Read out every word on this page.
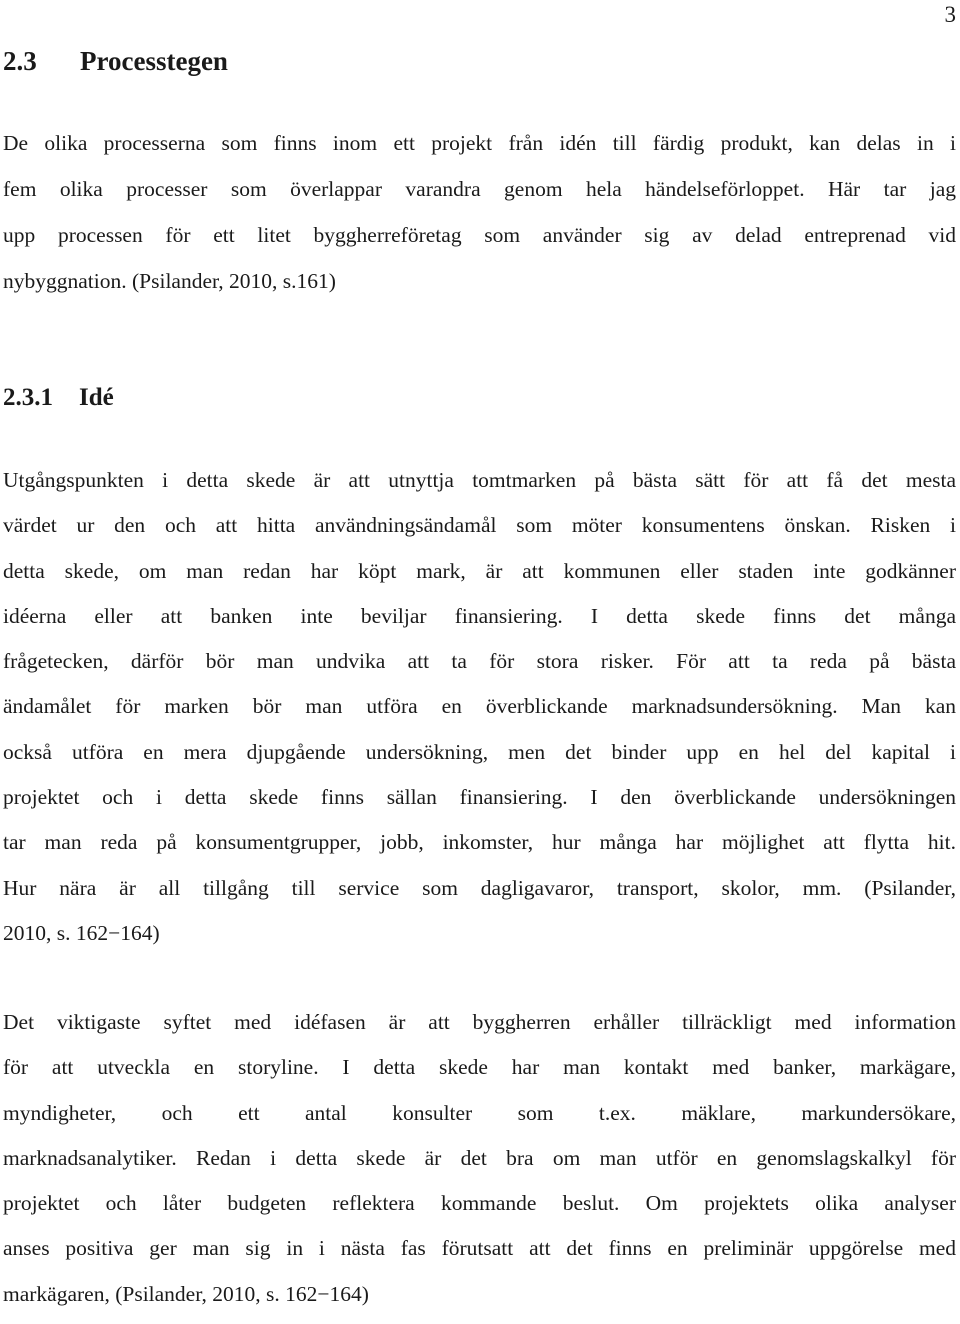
3
2.3 Processtegen

De olika processerna som finns inom ett projekt från idén till färdig produkt, kan delas in i
fem olika processer som överlappar varandra genom hela händelseförloppet. Här tar jag
upp processen för ett litet byggherreföretag som använder sig av delad entreprenad vid
nybyggnation. (Psilander, 2010, s.161)

2.3.1 Idé

Utgångspunkten i detta skede är att utnyttja tomtmarken på bästa sätt för att få det mesta
värdet ur den och att hitta användningsändamål som möter konsumentens önskan. Risken i
detta skede, om man redan har köpt mark, är att kommunen eller staden inte godkänner
idéerna eller att banken inte beviljar finansiering. I detta skede finns det många
frågetecken, därför bör man undvika att ta för stora risker. För att ta reda på bästa
ändamålet för marken bör man utföra en överblickande marknadsundersökning. Man kan
också utföra en mera djupgående undersökning, men det binder upp en hel del kapital i
projektet och i detta skede finns sällan finansiering. I den överblickande undersökningen
tar man reda på konsumentgrupper, jobb, inkomster, hur många har möjlighet att flytta hit.
Hur nära är all tillgång till service som dagligavaror, transport, skolor, mm. (Psilander,
2010, s. 162−164)

Det viktigaste syftet med idéfasen är att byggherren erhåller tillräckligt med information
för att utveckla en storyline. I detta skede har man kontakt med banker, markägare,
myndigheter, och ett antal konsulter som t.ex. mäklare, markundersökare,
marknadsanalytiker. Redan i detta skede är det bra om man utför en genomslagskalkyl för
projektet och låter budgeten reflektera kommande beslut. Om projektets olika analyser
anses positiva ger man sig in i nästa fas förutsatt att det finns en preliminär uppgörelse med
markägaren, (Psilander, 2010, s. 162−164)
